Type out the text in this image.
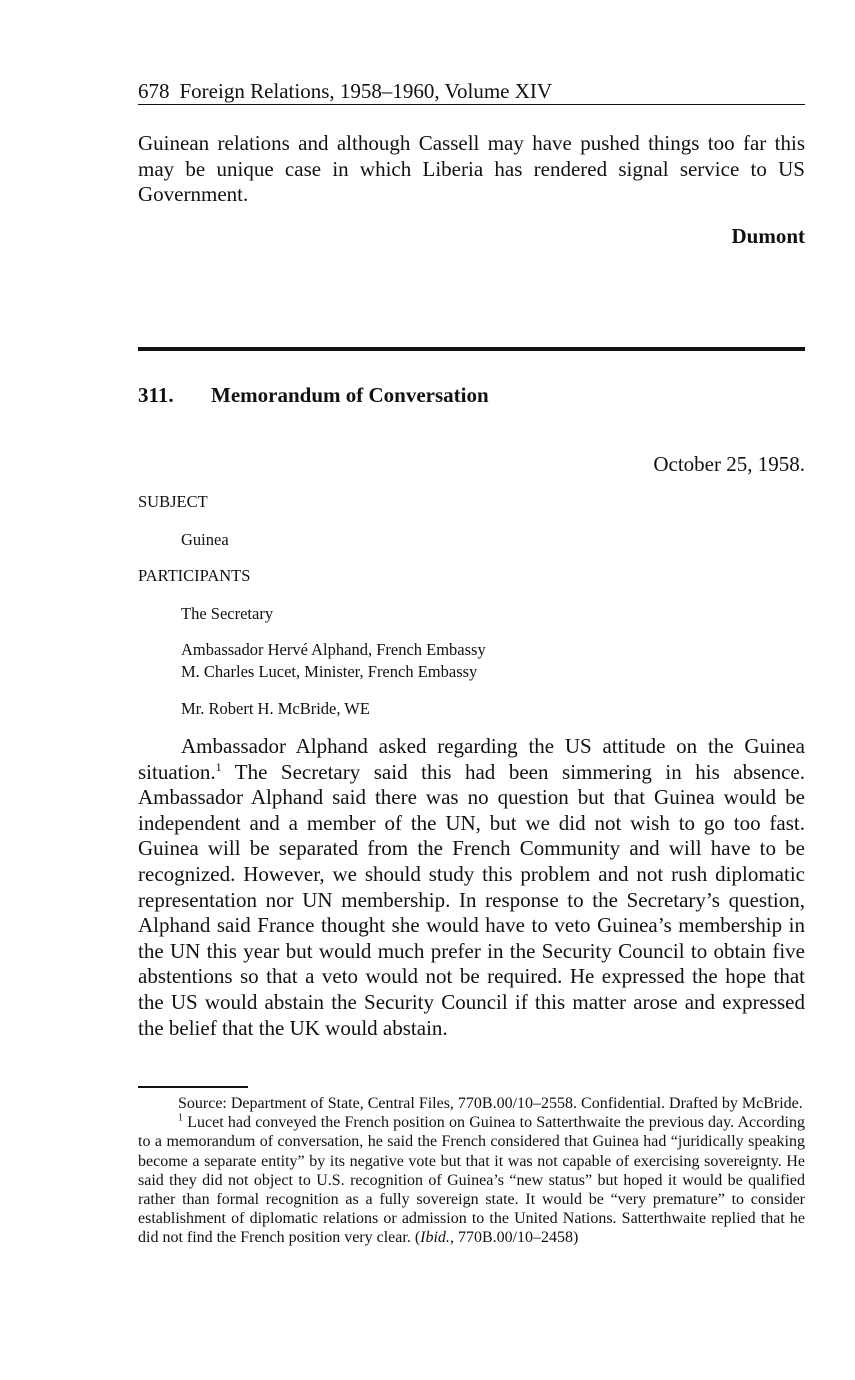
678 Foreign Relations, 1958–1960, Volume XIV

Guinean relations and although Cassell may have pushed things too far this may be unique case in which Liberia has rendered signal service to US Government.

Dumont

311. Memorandum of Conversation

October 25, 1958.

SUBJECT

Guinea

PARTICIPANTS

The Secretary

Ambassador Hervé Alphand, French Embassy

M. Charles Lucet, Minister, French Embassy

Mr. Robert H. McBride, WE

Ambassador Alphand asked regarding the US attitude on the Guinea situation.$^1$ The Secretary said this had been simmering in his absence. Ambassador Alphand said there was no question but that Guinea would be independent and a member of the UN, but we did not wish to go too fast. Guinea will be separated from the French Community and will have to be recognized. However, we should study this problem and not rush diplomatic representation nor UN membership. In response to the Secretary’s question, Alphand said France thought she would have to veto Guinea’s membership in the UN this year but would much prefer in the Security Council to obtain five abstentions so that a veto would not be required. He expressed the hope that the US would abstain the Security Council if this matter arose and expressed the belief that the UK would abstain.

Source: Department of State, Central Files, 770B.00/10–2558. Confidential. Drafted by McBride.

$^1$ Lucet had conveyed the French position on Guinea to Satterthwaite the previous day. According to a memorandum of conversation, he said the French considered that Guinea had “juridically speaking become a separate entity” by its negative vote but that it was not capable of exercising sovereignty. He said they did not object to U.S. recognition of Guinea’s “new status” but hoped it would be qualified rather than formal recognition as a fully sovereign state. It would be “very premature” to consider establishment of diplomatic relations or admission to the United Nations. Satterthwaite replied that he did not find the French position very clear. (Ibid., 770B.00/10–2458)
